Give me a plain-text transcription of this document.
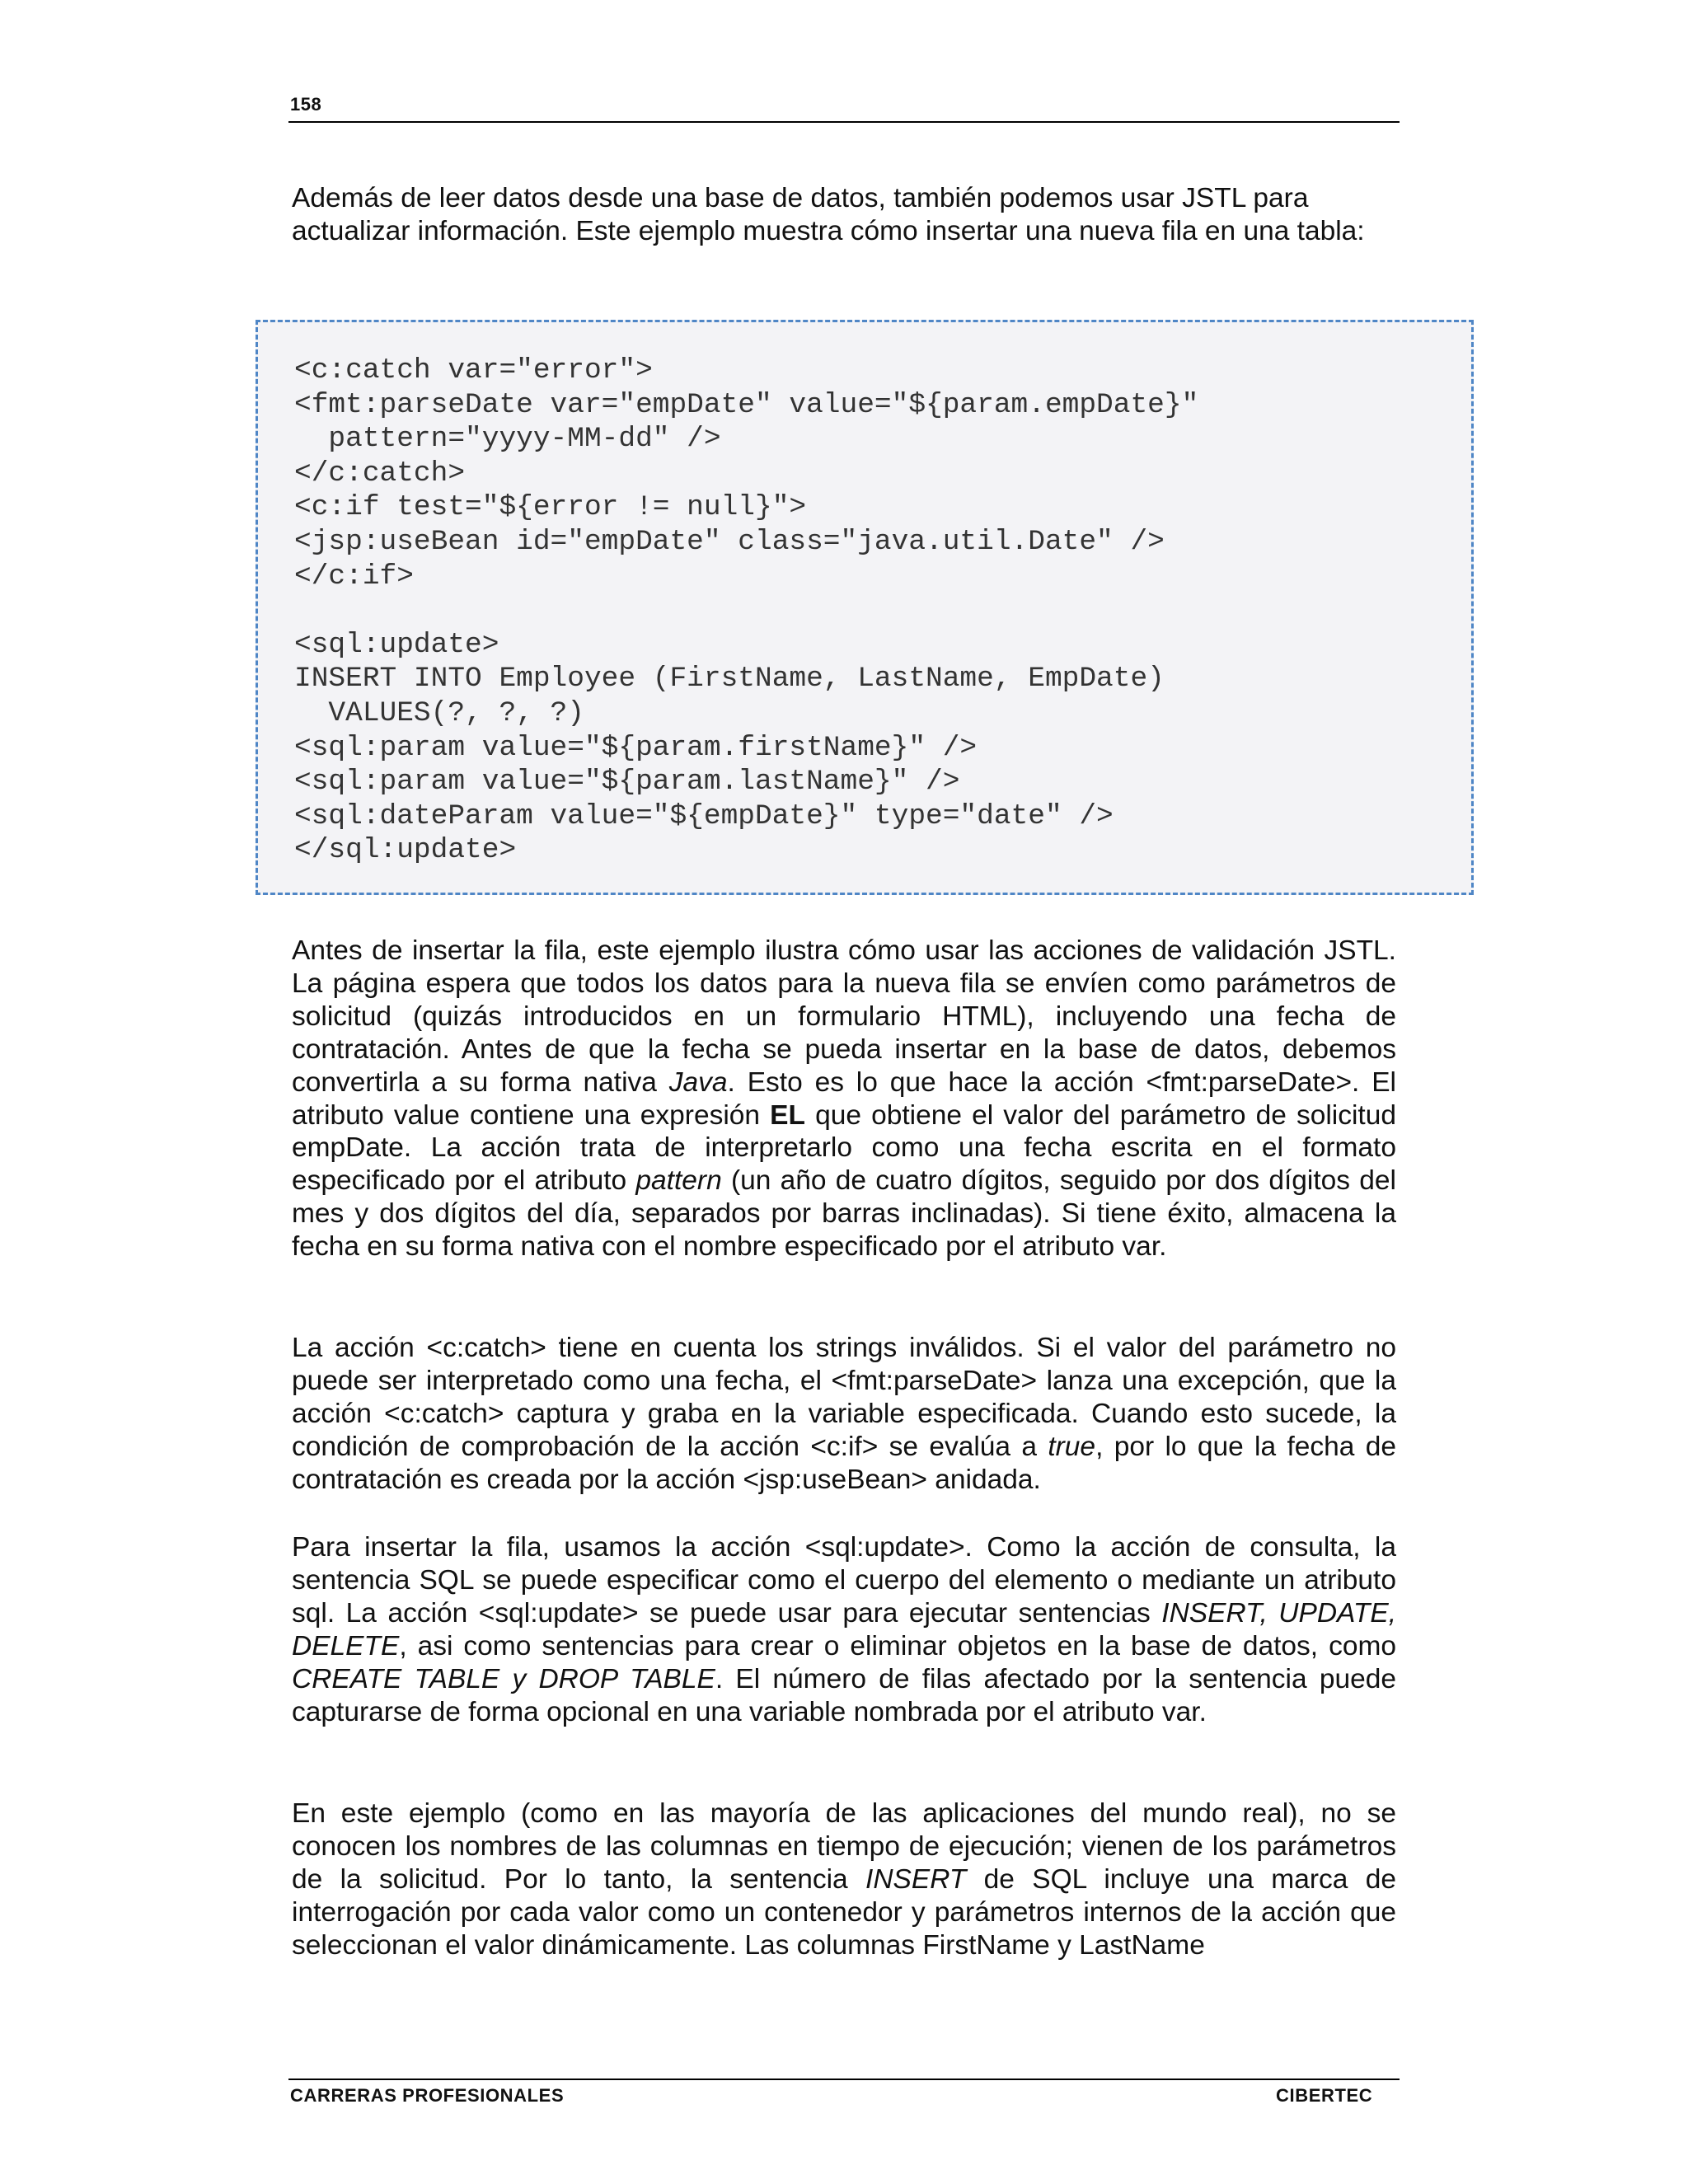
158

Además de leer datos desde una base de datos, también podemos usar JSTL para actualizar información. Este ejemplo muestra cómo insertar una nueva fila en una tabla:

<c:catch var="error">
<fmt:parseDate var="empDate" value="${param.empDate}"
pattern="yyyy-MM-dd" />
</c:catch>
<c:if test="${error != null}">
<jsp:useBean id="empDate" class="java.util.Date" />
</c:if>

<sql:update>
INSERT INTO Employee (FirstName, LastName, EmpDate)
VALUES(?, ?, ?)
<sql:param value="${param.firstName}" />
<sql:param value="${param.lastName}" />
<sql:dateParam value="${empDate}" type="date" />
</sql:update>

Antes de insertar la fila, este ejemplo ilustra cómo usar las acciones de validación JSTL. La página espera que todos los datos para la nueva fila se envíen como parámetros de solicitud (quizás introducidos en un formulario HTML), incluyendo una fecha de contratación. Antes de que la fecha se pueda insertar en la base de datos, debemos convertirla a su forma nativa Java. Esto es lo que hace la acción <fmt:parseDate>. El atributo value contiene una expresión EL que obtiene el valor del parámetro de solicitud empDate. La acción trata de interpretarlo como una fecha escrita en el formato especificado por el atributo pattern (un año de cuatro dígitos, seguido por dos dígitos del mes y dos dígitos del día, separados por barras inclinadas). Si tiene éxito, almacena la fecha en su forma nativa con el nombre especificado por el atributo var.

La acción <c:catch> tiene en cuenta los strings inválidos. Si el valor del parámetro no puede ser interpretado como una fecha, el <fmt:parseDate> lanza una excepción, que la acción <c:catch> captura y graba en la variable especificada. Cuando esto sucede, la condición de comprobación de la acción <c:if> se evalúa a true, por lo que la fecha de contratación es creada por la acción <jsp:useBean> anidada.

Para insertar la fila, usamos la acción <sql:update>. Como la acción de consulta, la sentencia SQL se puede especificar como el cuerpo del elemento o mediante un atributo sql. La acción <sql:update> se puede usar para ejecutar sentencias INSERT, UPDATE, DELETE, asi como sentencias para crear o eliminar objetos en la base de datos, como CREATE TABLE y DROP TABLE. El número de filas afectado por la sentencia puede capturarse de forma opcional en una variable nombrada por el atributo var.

En este ejemplo (como en las mayoría de las aplicaciones del mundo real), no se conocen los nombres de las columnas en tiempo de ejecución; vienen de los parámetros de la solicitud. Por lo tanto, la sentencia INSERT de SQL incluye una marca de interrogación por cada valor como un contenedor y parámetros internos de la acción que seleccionan el valor dinámicamente. Las columnas FirstName y LastName

CARRERAS PROFESIONALES	CIBERTEC
